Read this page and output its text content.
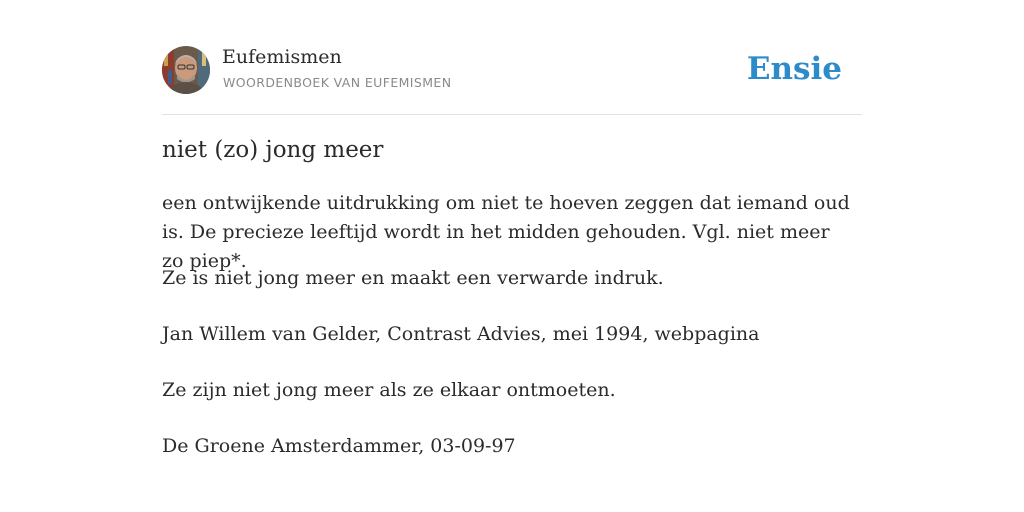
Eufemismen
WOORDENBOEK VAN EUFEMISMEN	Ensie
niet (zo) jong meer

een ontwijkende uitdrukking om niet te hoeven zeggen dat iemand oud is. De precieze leeftijd wordt in het midden gehouden. Vgl. niet meer zo piep*.

Ze is niet jong meer en maakt een verwarde indruk.

Jan Willem van Gelder, Contrast Advies, mei 1994, webpagina

Ze zijn niet jong meer als ze elkaar ontmoeten.

De Groene Amsterdammer, 03-09-97
